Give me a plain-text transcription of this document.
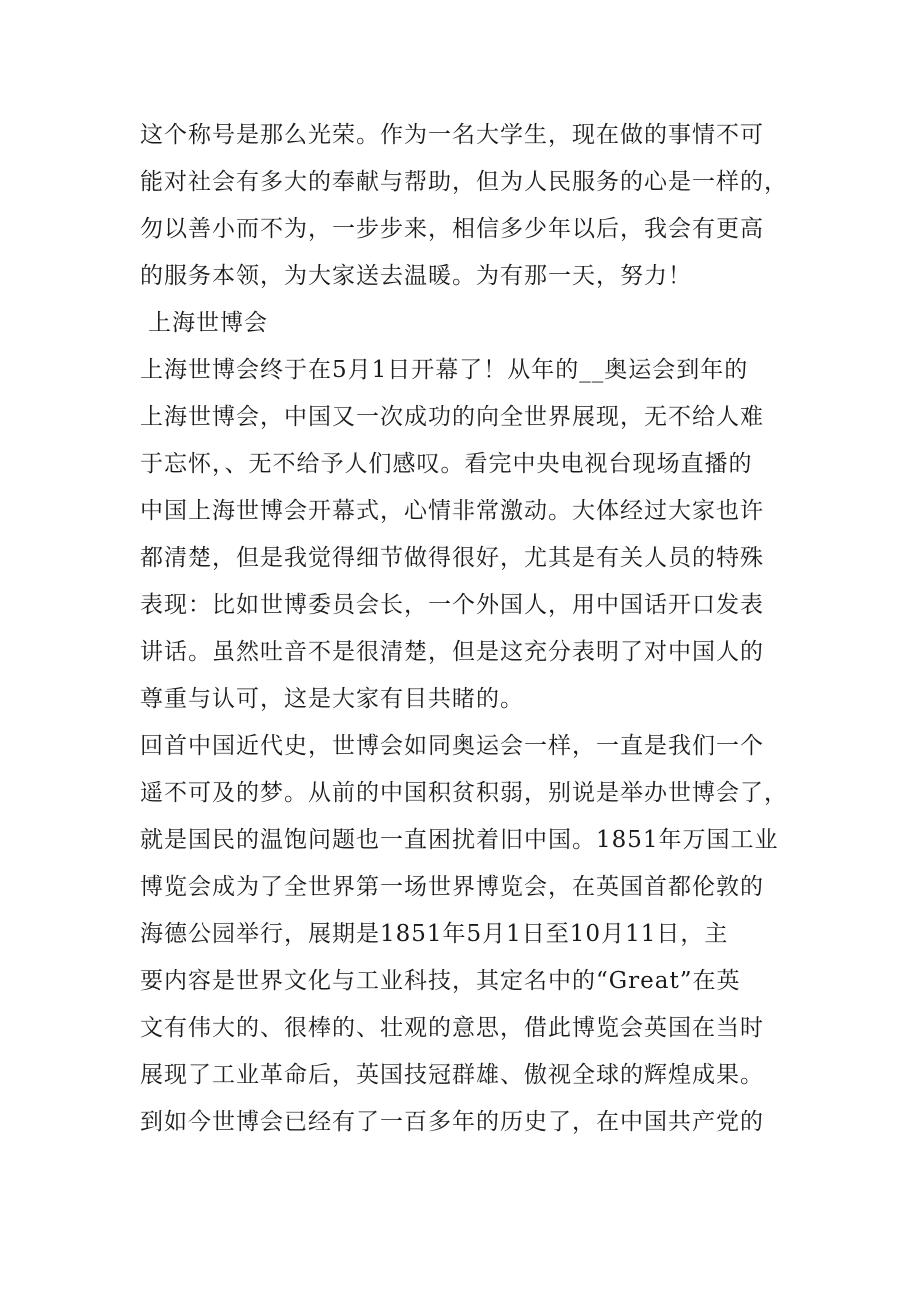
这个称号是那么光荣。作为一名大学生，现在做的事情不可
能对社会有多大的奉献与帮助，但为人民服务的心是一样的，
勿以善小而不为，一步步来，相信多少年以后，我会有更高
的服务本领，为大家送去温暖。为有那一天，努力！
上海世博会
上海世博会终于在5月1日开幕了！从年的__奥运会到年的
上海世博会，中国又一次成功的向全世界展现，无不给人难
于忘怀，、无不给予人们感叹。看完中央电视台现场直播的
中国上海世博会开幕式，心情非常激动。大体经过大家也许
都清楚，但是我觉得细节做得很好，尤其是有关人员的特殊
表现：比如世博委员会长，一个外国人，用中国话开口发表
讲话。虽然吐音不是很清楚，但是这充分表明了对中国人的
尊重与认可，这是大家有目共睹的。
回首中国近代史，世博会如同奥运会一样，一直是我们一个
遥不可及的梦。从前的中国积贫积弱，别说是举办世博会了，
就是国民的温饱问题也一直困扰着旧中国。1851年万国工业
博览会成为了全世界第一场世界博览会，在英国首都伦敦的
海德公园举行，展期是1851年5月1日至10月11日，主
要内容是世界文化与工业科技，其定名中的“Great”在英
文有伟大的、很棒的、壮观的意思，借此博览会英国在当时
展现了工业革命后，英国技冠群雄、傲视全球的辉煌成果。
到如今世博会已经有了一百多年的历史了，在中国共产党的
